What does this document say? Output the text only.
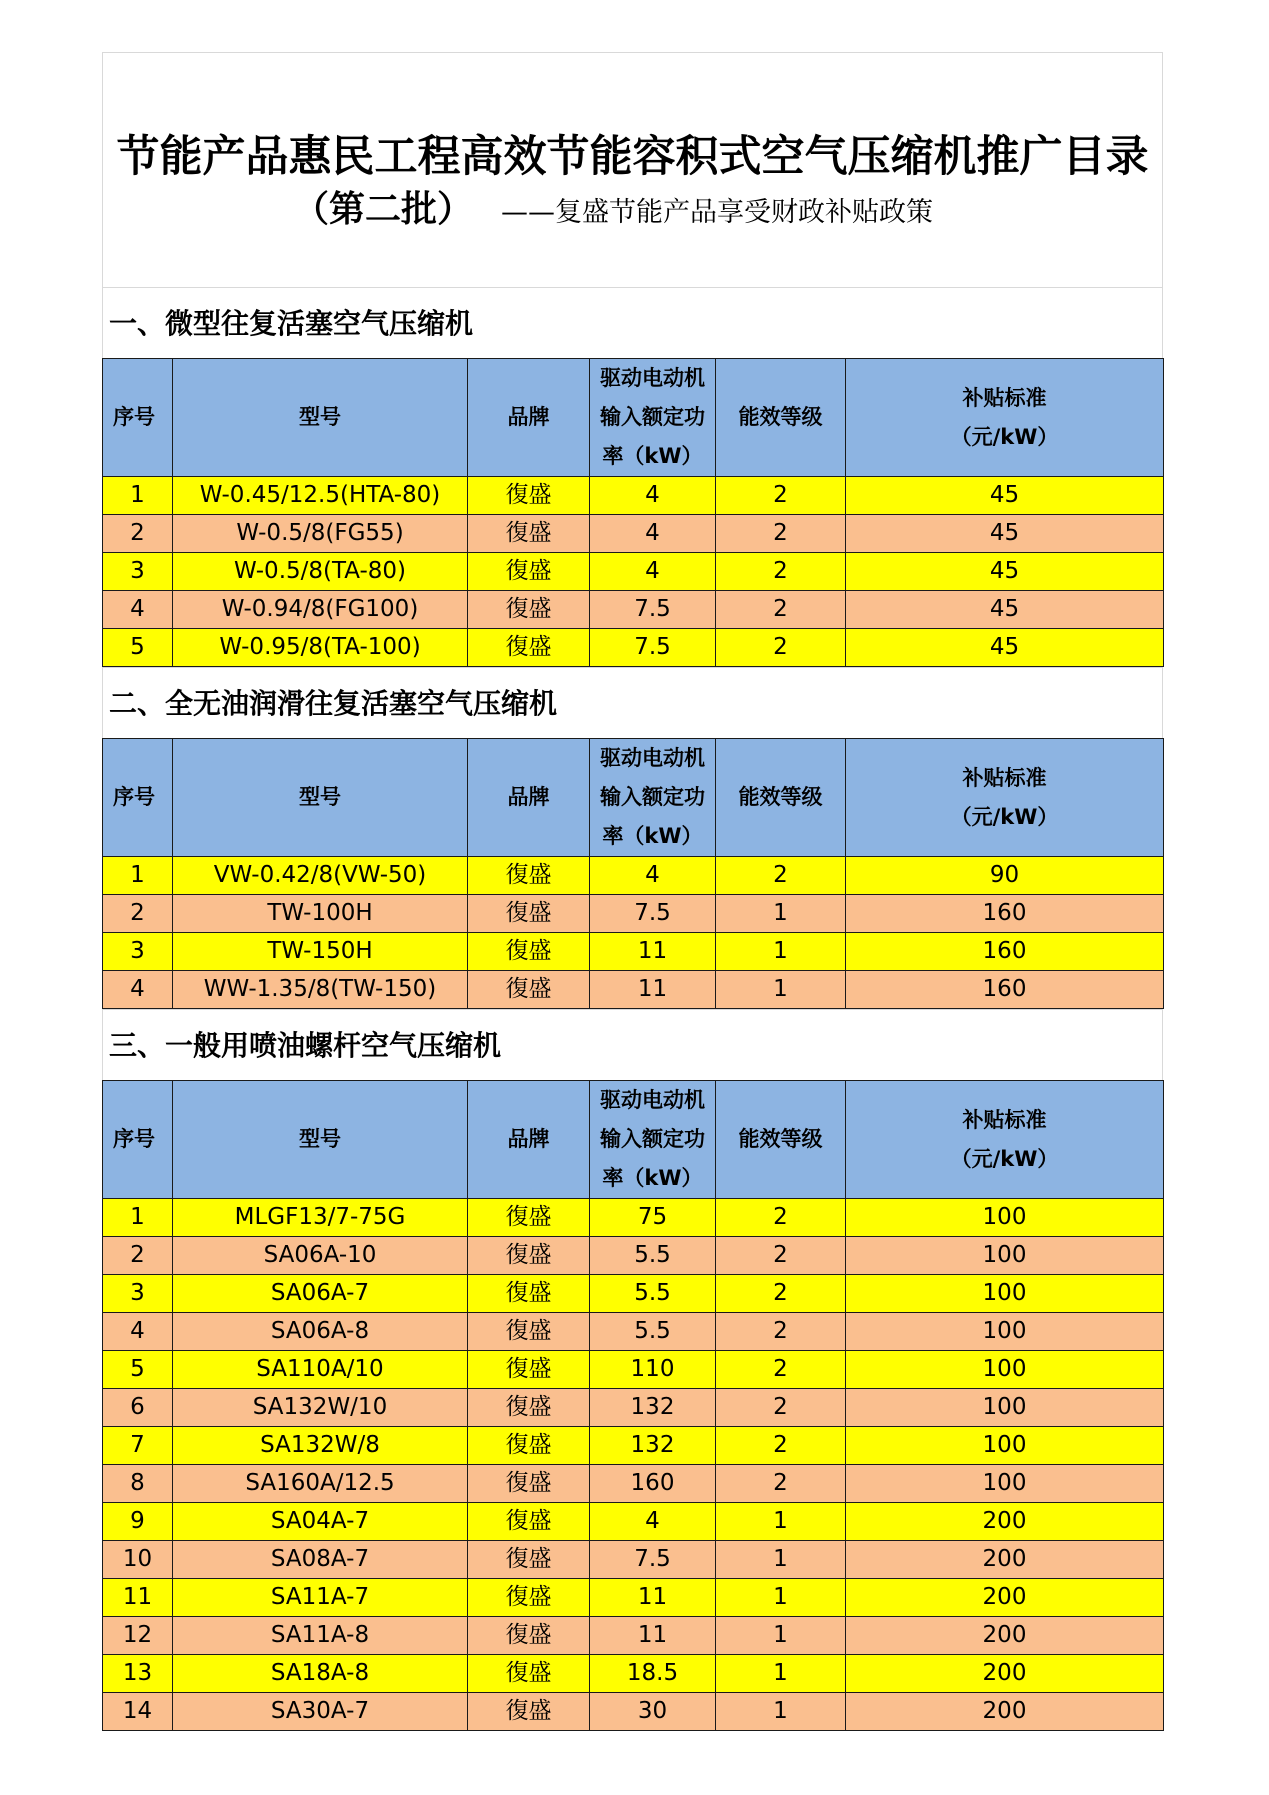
节能产品惠民工程高效节能容积式空气压缩机推广目录
（第二批） ——复盛节能产品享受财政补贴政策
一、微型往复活塞空气压缩机
序号	型号	品牌	驱动电动机
输入额定功
率（kW）	能效等级	补贴标准
（元/kW）
1	W-0.45/12.5(HTA-80)	復盛	4	2	45
2	W-0.5/8(FG55)	復盛	4	2	45
3	W-0.5/8(TA-80)	復盛	4	2	45
4	W-0.94/8(FG100)	復盛	7.5	2	45
5	W-0.95/8(TA-100)	復盛	7.5	2	45
二、全无油润滑往复活塞空气压缩机
序号	型号	品牌	驱动电动机
输入额定功
率（kW）	能效等级	补贴标准
（元/kW）
1	VW-0.42/8(VW-50)	復盛	4	2	90
2	TW-100H	復盛	7.5	1	160
3	TW-150H	復盛	11	1	160
4	WW-1.35/8(TW-150)	復盛	11	1	160
三、一般用喷油螺杆空气压缩机
序号	型号	品牌	驱动电动机
输入额定功
率（kW）	能效等级	补贴标准
（元/kW）
1	MLGF13/7-75G	復盛	75	2	100
2	SA06A-10	復盛	5.5	2	100
3	SA06A-7	復盛	5.5	2	100
4	SA06A-8	復盛	5.5	2	100
5	SA110A/10	復盛	110	2	100
6	SA132W/10	復盛	132	2	100
7	SA132W/8	復盛	132	2	100
8	SA160A/12.5	復盛	160	2	100
9	SA04A-7	復盛	4	1	200
10	SA08A-7	復盛	7.5	1	200
11	SA11A-7	復盛	11	1	200
12	SA11A-8	復盛	11	1	200
13	SA18A-8	復盛	18.5	1	200
14	SA30A-7	復盛	30	1	200
